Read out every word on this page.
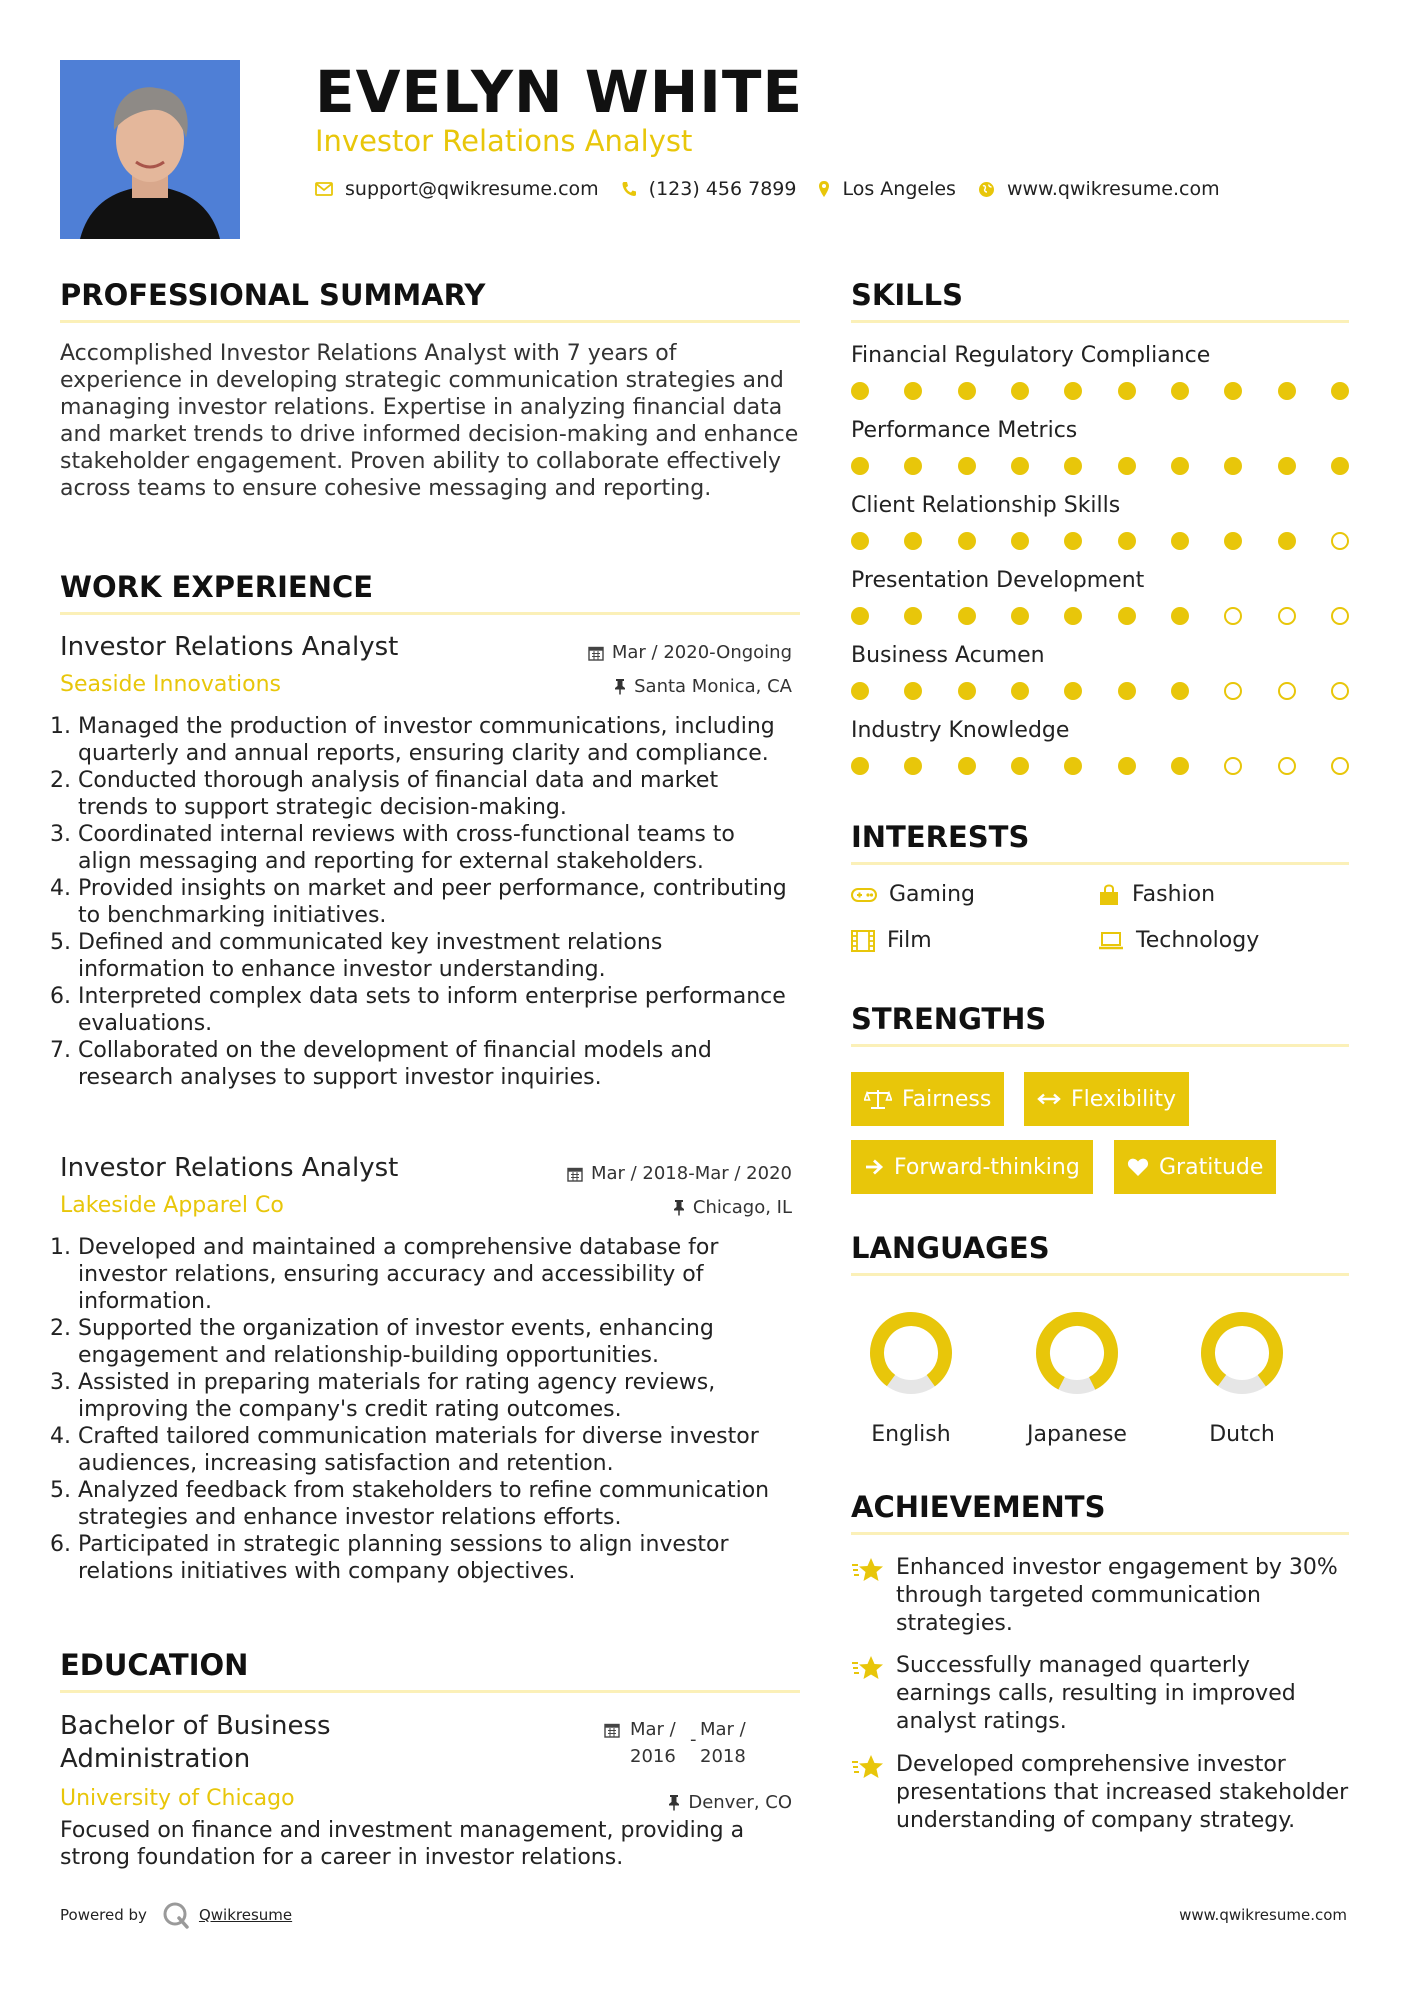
EVELYN WHITE
Investor Relations Analyst
support@qwikresume.com	(123) 456 7899 Los Angeles	www.qwikresume.com
PROFESSIONAL SUMMARY
Accomplished Investor Relations Analyst with 7 years of experience in developing strategic communication strategies and managing investor relations. Expertise in analyzing financial data and market trends to drive informed decision-making and enhance stakeholder engagement. Proven ability to collaborate effectively across teams to ensure cohesive messaging and reporting.
WORK EXPERIENCE
Investor Relations Analyst
Seaside Innovations
Mar / 2020-Ongoing
Santa Monica, CA
1. Managed the production of investor communications, including quarterly and annual reports, ensuring clarity and compliance.
2. Conducted thorough analysis of financial data and market trends to support strategic decision-making.
3. Coordinated internal reviews with cross-functional teams to align messaging and reporting for external stakeholders.
4. Provided insights on market and peer performance, contributing to benchmarking initiatives.
5. Defined and communicated key investment relations information to enhance investor understanding.
6. Interpreted complex data sets to inform enterprise performance evaluations.
7. Collaborated on the development of financial models and research analyses to support investor inquiries.
Investor Relations Analyst
Lakeside Apparel Co
Mar / 2018-Mar / 2020
Chicago, IL
1. Developed and maintained a comprehensive database for investor relations, ensuring accuracy and accessibility of information.
2. Supported the organization of investor events, enhancing engagement and relationship-building opportunities.
3. Assisted in preparing materials for rating agency reviews, improving the company's credit rating outcomes.
4. Crafted tailored communication materials for diverse investor audiences, increasing satisfaction and retention.
5. Analyzed feedback from stakeholders to refine communication strategies and enhance investor relations efforts.
6. Participated in strategic planning sessions to align investor relations initiatives with company objectives.
EDUCATION
Bachelor of Business Administration
University of Chicago
Focused on finance and investment management, providing a strong foundation for a career in investor relations.
Mar /
2016
- Mar /
2018
Denver, CO
Powered by	Qwikresume	www.qwikresume.com
SKILLS
Financial Regulatory Compliance
Performance Metrics
Client Relationship Skills
Presentation Development
Business Acumen
Industry Knowledge
INTERESTS
Gaming	Fashion
Film	Technology
STRENGTHS
Fairness	Flexibility
Forward-thinking	Gratitude
LANGUAGES
English	Japanese	Dutch
ACHIEVEMENTS
Enhanced investor engagement by 30% through targeted communication strategies.
Successfully managed quarterly earnings calls, resulting in improved analyst ratings.
Developed comprehensive investor presentations that increased stakeholder understanding of company strategy.
